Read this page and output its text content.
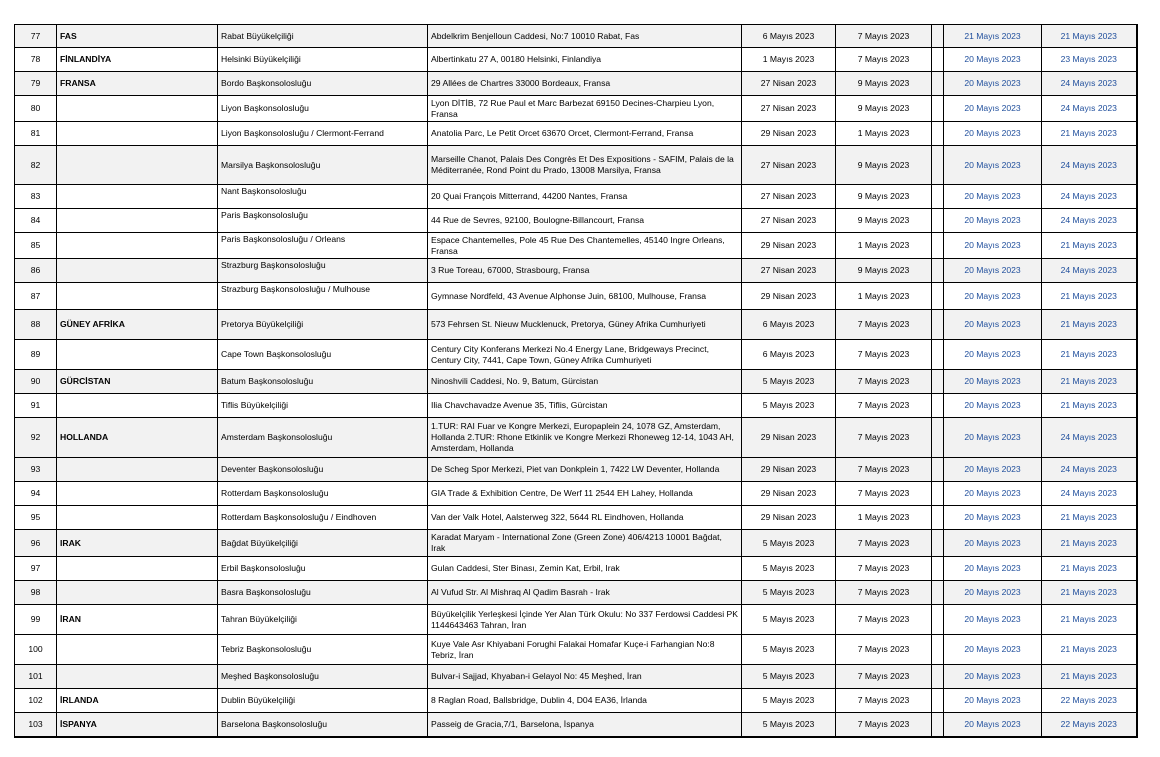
77	FAS	Rabat Büyükelçiliği	Abdelkrim Benjelloun Caddesi, No:7 10010 Rabat, Fas	6 Mayıs 2023	7 Mayıs 2023		21 Mayıs 2023	21 Mayıs 2023
78	FİNLANDİYA	Helsinki Büyükelçiliği	Albertinkatu 27 A, 00180 Helsinki, Finlandiya	1 Mayıs 2023	7 Mayıs 2023		20 Mayıs 2023	23 Mayıs 2023
79	FRANSA	Bordo Başkonsolosluğu	29 Allées de Chartres 33000 Bordeaux, Fransa	27 Nisan 2023	9 Mayıs 2023		20 Mayıs 2023	24 Mayıs 2023
80		Liyon Başkonsolosluğu	Lyon DİTİB, 72 Rue Paul et Marc Barbezat 69150 Decines-Charpieu Lyon, Fransa	27 Nisan 2023	9 Mayıs 2023		20 Mayıs 2023	24 Mayıs 2023
81		Liyon Başkonsolosluğu / Clermont-Ferrand	Anatolia Parc, Le Petit Orcet 63670 Orcet, Clermont-Ferrand, Fransa	29 Nisan 2023	1 Mayıs 2023		20 Mayıs 2023	21 Mayıs 2023
82		Marsilya Başkonsolosluğu	Marseille Chanot, Palais Des Congrès Et Des Expositions - SAFIM, Palais de la Méditerranée, Rond Point du Prado, 13008 Marsilya, Fransa	27 Nisan 2023	9 Mayıs 2023		20 Mayıs 2023	24 Mayıs 2023
83		Nant Başkonsolosluğu	20 Quai François Mitterrand, 44200 Nantes, Fransa	27 Nisan 2023	9 Mayıs 2023		20 Mayıs 2023	24 Mayıs 2023
84		Paris Başkonsolosluğu	44 Rue de Sevres, 92100, Boulogne-Billancourt, Fransa	27 Nisan 2023	9 Mayıs 2023		20 Mayıs 2023	24 Mayıs 2023
85		Paris Başkonsolosluğu / Orleans	Espace Chantemelles, Pole 45 Rue Des Chantemelles, 45140 Ingre Orleans, Fransa	29 Nisan 2023	1 Mayıs 2023		20 Mayıs 2023	21 Mayıs 2023
86		Strazburg Başkonsolosluğu	3 Rue Toreau, 67000, Strasbourg, Fransa	27 Nisan 2023	9 Mayıs 2023		20 Mayıs 2023	24 Mayıs 2023
87		Strazburg Başkonsolosluğu / Mulhouse	Gymnase Nordfeld, 43 Avenue Alphonse Juin, 68100, Mulhouse, Fransa	29 Nisan 2023	1 Mayıs 2023		20 Mayıs 2023	21 Mayıs 2023
88	GÜNEY AFRİKA	Pretorya Büyükelçiliği	573 Fehrsen St. Nieuw Mucklenuck, Pretorya, Güney Afrika Cumhuriyeti	6 Mayıs 2023	7 Mayıs 2023		20 Mayıs 2023	21 Mayıs 2023
89		Cape Town Başkonsolosluğu	Century City Konferans Merkezi No.4 Energy Lane, Bridgeways Precinct, Century City, 7441, Cape Town, Güney Afrika Cumhuriyeti	6 Mayıs 2023	7 Mayıs 2023		20 Mayıs 2023	21 Mayıs 2023
90	GÜRCİSTAN	Batum Başkonsolosluğu	Ninoshvili Caddesi, No. 9, Batum, Gürcistan	5 Mayıs 2023	7 Mayıs 2023		20 Mayıs 2023	21 Mayıs 2023
91		Tiflis Büyükelçiliği	Ilia Chavchavadze Avenue 35, Tiflis, Gürcistan	5 Mayıs 2023	7 Mayıs 2023		20 Mayıs 2023	21 Mayıs 2023
92	HOLLANDA	Amsterdam Başkonsolosluğu	1.TUR: RAI Fuar ve Kongre Merkezi, Europaplein 24, 1078 GZ, Amsterdam, Hollanda 2.TUR: Rhone Etkinlik ve Kongre Merkezi Rhoneweg 12-14, 1043 AH, Amsterdam, Hollanda	29 Nisan 2023	7 Mayıs 2023		20 Mayıs 2023	24 Mayıs 2023
93		Deventer Başkonsolosluğu	De Scheg Spor Merkezi, Piet van Donkplein 1, 7422 LW Deventer, Hollanda	29 Nisan 2023	7 Mayıs 2023		20 Mayıs 2023	24 Mayıs 2023
94		Rotterdam Başkonsolosluğu	GIA Trade & Exhibition Centre, De Werf 11 2544 EH Lahey, Hollanda	29 Nisan 2023	7 Mayıs 2023		20 Mayıs 2023	24 Mayıs 2023
95		Rotterdam Başkonsolosluğu / Eindhoven	Van der Valk Hotel, Aalsterweg 322, 5644 RL Eindhoven, Hollanda	29 Nisan 2023	1 Mayıs 2023		20 Mayıs 2023	21 Mayıs 2023
96	IRAK	Bağdat Büyükelçiliği	Karadat Maryam - International Zone (Green Zone) 406/4213 10001 Bağdat, Irak	5 Mayıs 2023	7 Mayıs 2023		20 Mayıs 2023	21 Mayıs 2023
97		Erbil Başkonsolosluğu	Gulan Caddesi, Ster Binası, Zemin Kat, Erbil, Irak	5 Mayıs 2023	7 Mayıs 2023		20 Mayıs 2023	21 Mayıs 2023
98		Basra Başkonsolosluğu	Al Vufud Str. Al Mishraq Al Qadim Basrah - Irak	5 Mayıs 2023	7 Mayıs 2023		20 Mayıs 2023	21 Mayıs 2023
99	İRAN	Tahran Büyükelçiliği	Büyükelçilik Yerleşkesi İçinde Yer Alan Türk Okulu: No 337 Ferdowsi Caddesi PK 1144643463 Tahran, İran	5 Mayıs 2023	7 Mayıs 2023		20 Mayıs 2023	21 Mayıs 2023
100		Tebriz Başkonsolosluğu	Kuye Vale Asr Khiyabani Forughi Falakai Homafar Kuçe-i Farhangian No:8 Tebriz, İran	5 Mayıs 2023	7 Mayıs 2023		20 Mayıs 2023	21 Mayıs 2023
101		Meşhed Başkonsolosluğu	Bulvar-i Sajjad, Khyaban-i Gelayol No: 45 Meşhed, İran	5 Mayıs 2023	7 Mayıs 2023		20 Mayıs 2023	21 Mayıs 2023
102	İRLANDA	Dublin Büyükelçiliği	8 Raglan Road, Ballsbridge, Dublin 4, D04 EA36, İrlanda	5 Mayıs 2023	7 Mayıs 2023		20 Mayıs 2023	22 Mayıs 2023
103	İSPANYA	Barselona Başkonsolosluğu	Passeig de Gracia,7/1, Barselona, İspanya	5 Mayıs 2023	7 Mayıs 2023		20 Mayıs 2023	22 Mayıs 2023
